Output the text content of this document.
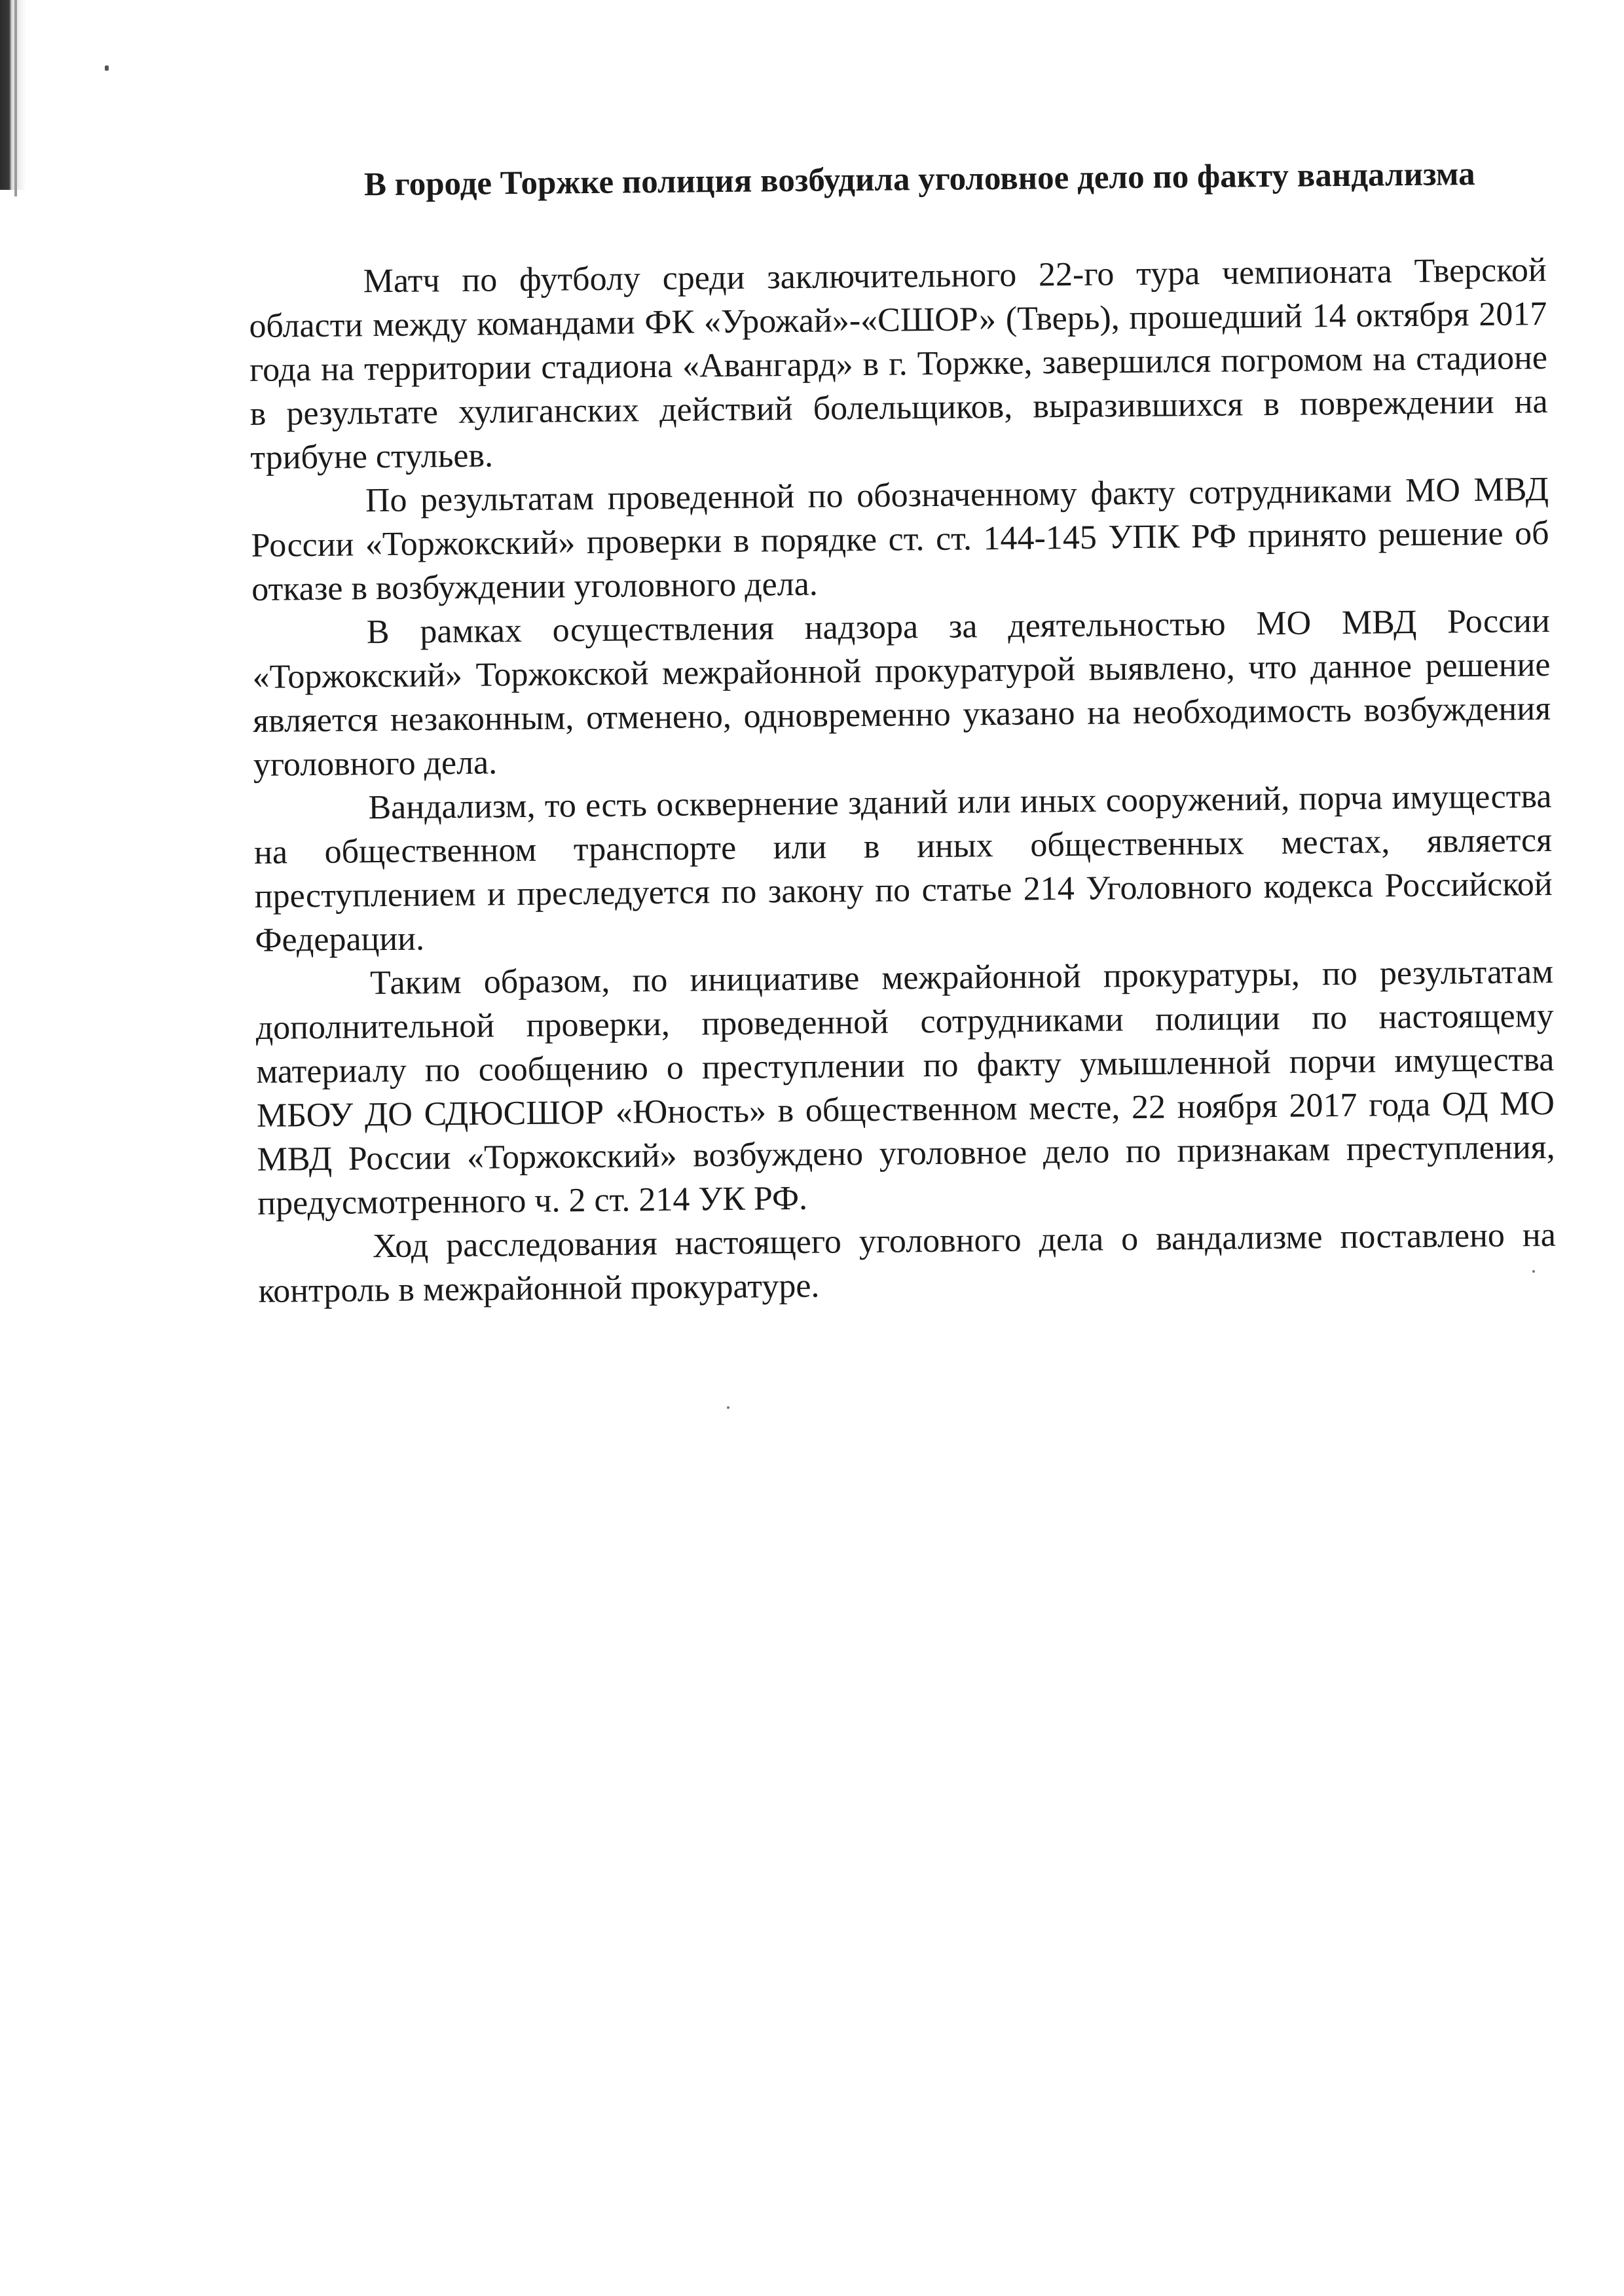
В городе Торжке полиция возбудила уголовное дело по факту вандализма

Матч по футболу среди заключительного 22-го тура чемпионата Тверской области между командами ФК «Урожай»-«СШОР» (Тверь), прошедший 14 октября 2017 года на территории стадиона «Авангард» в г. Торжке, завершился погромом на стадионе в результате хулиганских действий болельщиков, выразившихся в повреждении на трибуне стульев.

По результатам проведенной по обозначенному факту сотрудниками МО МВД России «Торжокский» проверки в порядке ст. ст. 144-145 УПК РФ принято решение об отказе в возбуждении уголовного дела.

В рамках осуществления надзора за деятельностью МО МВД России «Торжокский» Торжокской межрайонной прокуратурой выявлено, что данное решение является незаконным, отменено, одновременно указано на необходимость возбуждения уголовного дела.

Вандализм, то есть осквернение зданий или иных сооружений, порча имущества на общественном транспорте или в иных общественных местах, является преступлением и преследуется по закону по статье 214 Уголовного кодекса Российской Федерации.

Таким образом, по инициативе межрайонной прокуратуры, по результатам дополнительной проверки, проведенной сотрудниками полиции по настоящему материалу по сообщению о преступлении по факту умышленной порчи имущества МБОУ ДО СДЮСШОР «Юность» в общественном месте, 22 ноября 2017 года ОД МО МВД России «Торжокский» возбуждено уголовное дело по признакам преступления, предусмотренного ч. 2 ст. 214 УК РФ.

Ход расследования настоящего уголовного дела о вандализме поставлено на контроль в межрайонной прокуратуре.
